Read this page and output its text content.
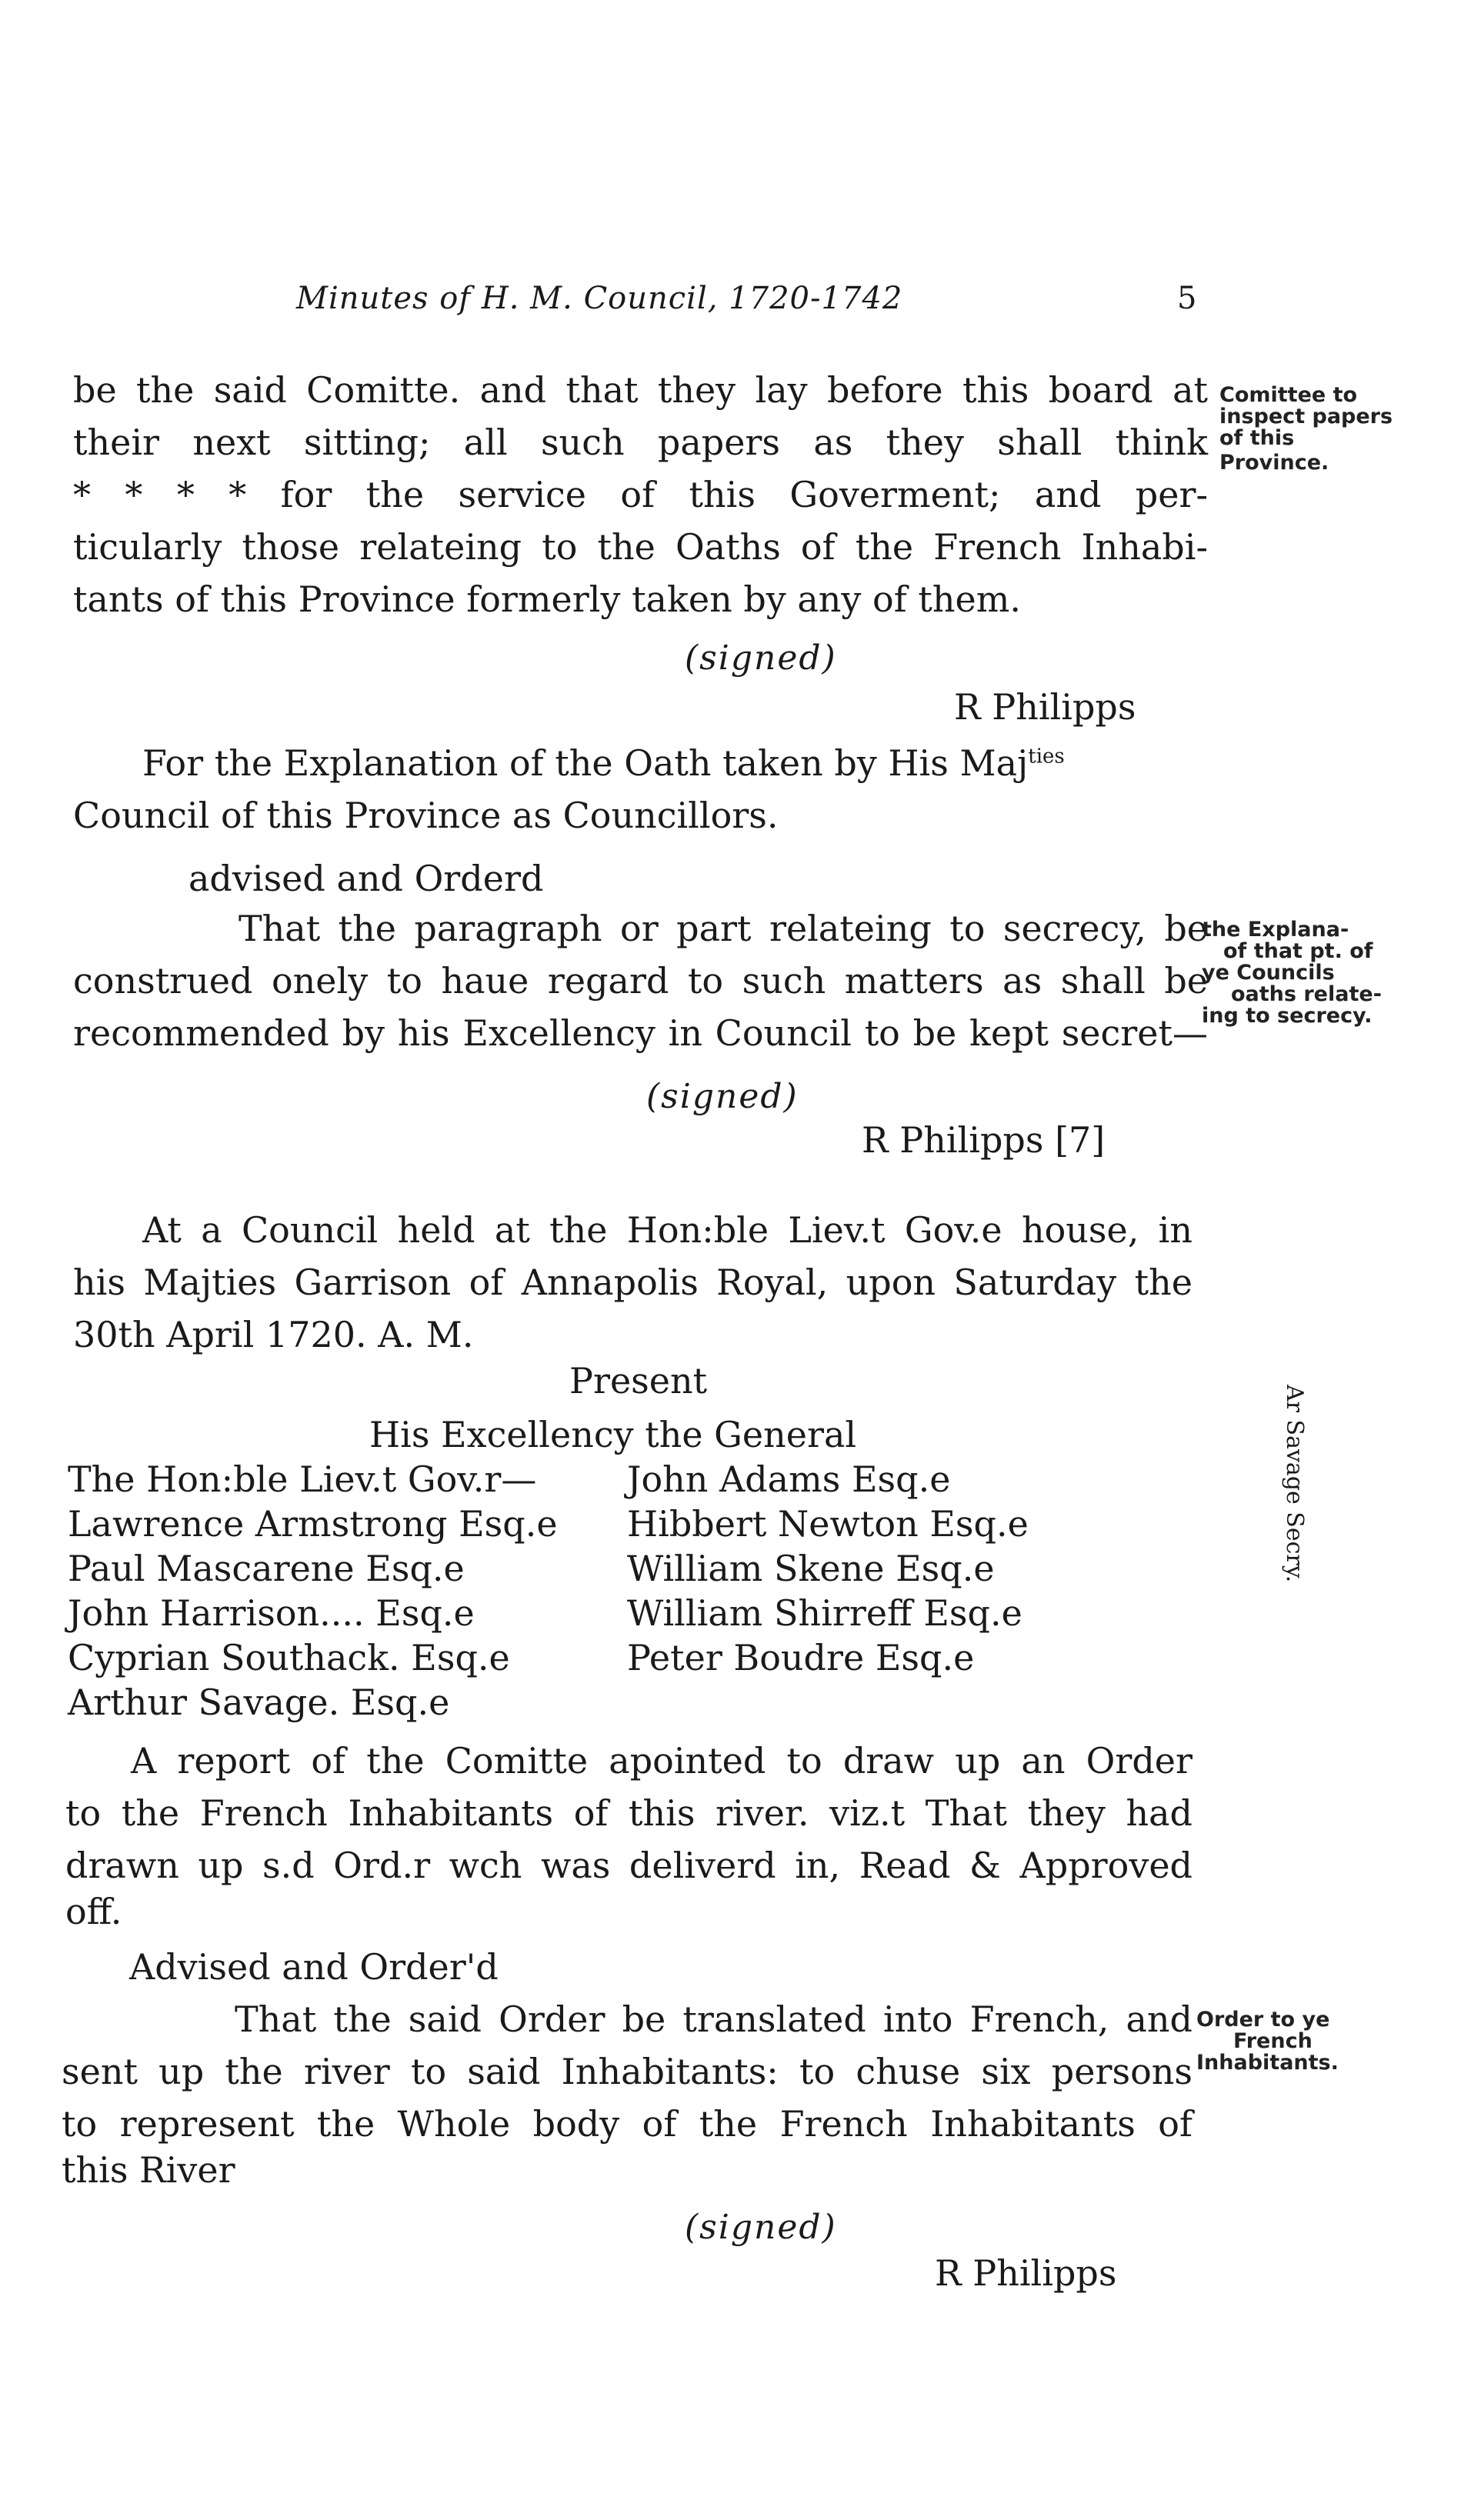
Minutes of H. M. Council, 1720-1742	5
be the said Comitte. and that they lay before this board at
their next sitting; all such papers as they shall think
* * * * for the service of this Goverment; and per-
ticularly those relateing to the Oaths of the French Inhabi-
tants of this Province formerly taken by any of them.
Comittee to
inspect papers
of this
Province.
(signed)
R Philipps
For the Explanation of the Oath taken by His Maj$^{ties}$
Council of this Province as Councillors.
advised and Orderd
That the paragraph or part relateing to secrecy, be
construed onely to haue regard to such matters as shall be
recommended by his Excellency in Council to be kept secret—
the Explana-
of that pt. of
ye Councils
oaths relate-
ing to secrecy.
(signed)
R Philipps [7]
At a Council held at the Hon:ble Liev.t Gov.e house, in
his Majties Garrison of Annapolis Royal, upon Saturday the
30th April 1720. A. M.
Present
His Excellency the General
The Hon:ble Liev.t Gov.r—
Lawrence Armstrong Esq.e
Paul Mascarene Esq.e
John Harrison.... Esq.e
Cyprian Southack. Esq.e
Arthur Savage. Esq.e
John Adams Esq.e
Hibbert Newton Esq.e
William Skene Esq.e
William Shirreff Esq.e
Peter Boudre Esq.e
Ar Savage Secry.
A report of the Comitte apointed to draw up an Order
to the French Inhabitants of this river. viz.t That they had
drawn up s.d Ord.r wch was deliverd in, Read & Approved
off.
Advised and Order'd
That the said Order be translated into French, and
sent up the river to said Inhabitants: to chuse six persons
to represent the Whole body of the French Inhabitants of
this River
Order to ye
French
Inhabitants.
(signed)
R Philipps
